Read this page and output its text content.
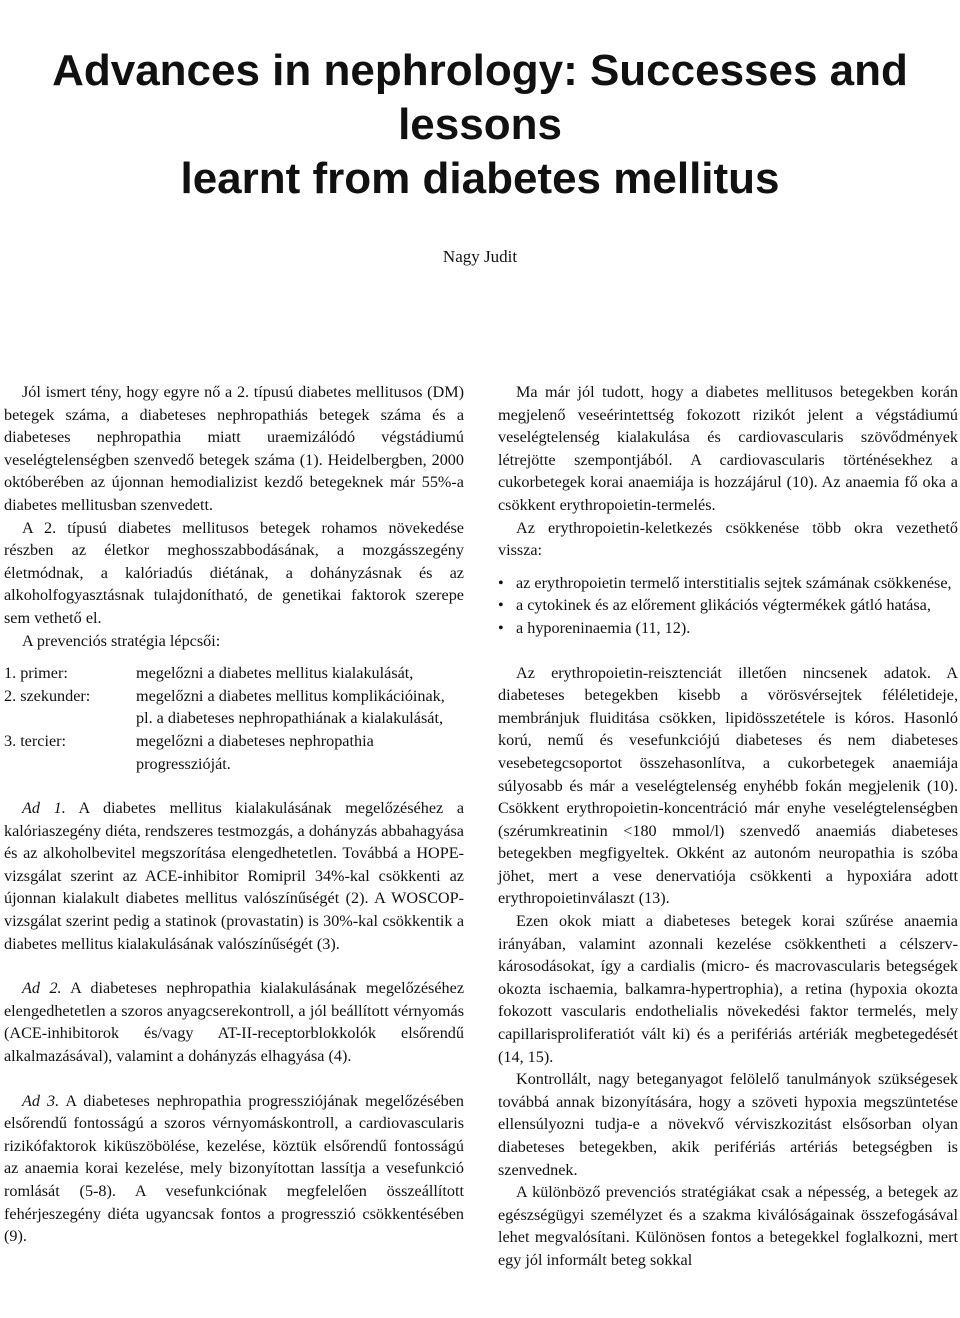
Advances in nephrology: Successes and lessons
learnt from diabetes mellitus
Nagy Judit

Jól ismert tény, hogy egyre nő a 2. típusú diabetes mellitusos (DM) betegek száma, a diabeteses nephropathiás betegek száma és a diabeteses nephropathia miatt uraemizálódó végstádiumú veselégtelenségben szenvedő betegek száma (1). Heidelbergben, 2000 októberében az újonnan hemodializist kezdő betegeknek már 55%-a diabetes mellitusban szenvedett.

A 2. típusú diabetes mellitusos betegek rohamos növekedése részben az életkor meghosszabbodásának, a mozgásszegény életmódnak, a kalóriadús diétának, a dohányzásnak és az alkoholfogyasztásnak tulajdonítható, de genetikai faktorok szerepe sem vethető el.

A prevenciós stratégia lépcsői:

1. primer:	megelőzni a diabetes mellitus kialakulását,
2. szekunder:	megelőzni a diabetes mellitus komplikációinak, pl. a diabeteses nephropathiának a kialakulását,
3. tercier:	megelőzni a diabeteses nephropathia progresszióját.

Ad 1. A diabetes mellitus kialakulásának megelőzéséhez a kalóriaszegény diéta, rendszeres testmozgás, a dohányzás abbahagyása és az alkoholbevitel megszorítása elengedhetetlen. Továbbá a HOPE-vizsgálat szerint az ACE-inhibitor Romipril 34%-kal csökkenti az újonnan kialakult diabetes mellitus valószínűségét (2). A WOSCOP-vizsgálat szerint pedig a statinok (provastatin) is 30%-kal csökkentik a diabetes mellitus kialakulásának valószínűségét (3).

Ad 2. A diabeteses nephropathia kialakulásának megelőzéséhez elengedhetetlen a szoros anyagcserekontroll, a jól beállított vérnyomás (ACE-inhibitorok és/vagy AT-II-receptorblokkolók elsőrendű alkalmazásával), valamint a dohányzás elhagyása (4).

Ad 3. A diabeteses nephropathia progressziójának megelőzésében elsőrendű fontosságú a szoros vérnyomáskontroll, a cardiovascularis rizikófaktorok kiküszöbölése, kezelése, köztük elsőrendű fontosságú az anaemia korai kezelése, mely bizonyítottan lassítja a vesefunkció romlását (5-8). A vesefunkciónak megfelelően összeállított fehérjeszegény diéta ugyancsak fontos a progresszió csökkentésében (9).

Ma már jól tudott, hogy a diabetes mellitusos betegekben korán megjelenő veseérintettség fokozott rizikót jelent a végstádiumú veselégtelenség kialakulása és cardiovascularis szövődmények létrejötte szempontjából. A cardiovascularis történésekhez a cukorbetegek korai anaemiája is hozzájárul (10). Az anaemia fő oka a csökkent erythropoietin-termelés.

Az erythropoietin-keletkezés csökkenése több okra vezethető vissza:

• az erythropoietin termelő interstitialis sejtek számának csökkenése,
• a cytokinek és az előrement glikációs végtermékek gátló hatása,
• a hyporeninaemia (11, 12).

Az erythropoietin-reisztenciát illetően nincsenek adatok. A diabeteses betegekben kisebb a vörösvérsejtek féléletideje, membránjuk fluiditása csökken, lipidösszetétele is kóros. Hasonló korú, nemű és vesefunkciójú diabeteses és nem diabeteses vesebetegcsoportot összehasonlítva, a cukorbetegek anaemiája súlyosabb és már a veselégtelenség enyhébb fokán megjelenik (10). Csökkent erythropoietin-koncentráció már enyhe veselégtelenségben (szérumkreatinin <180 mmol/l) szenvedő anaemiás diabeteses betegekben megfigyeltek. Okként az autonóm neuropathia is szóba jöhet, mert a vese denervatiója csökkenti a hypoxiára adott erythropoietinválaszt (13).

Ezen okok miatt a diabeteses betegek korai szűrése anaemia irányában, valamint azonnali kezelése csökkentheti a célszerv-károsodásokat, így a cardialis (micro- és macrovascularis betegségek okozta ischaemia, balkamra-hypertrophia), a retina (hypoxia okozta fokozott vascularis endothelialis növekedési faktor termelés, mely capillarisproliferatiót vált ki) és a perifériás artériák megbetegedését (14, 15).

Kontrollált, nagy beteganyagot felölelő tanulmányok szükségesek továbbá annak bizonyítására, hogy a szöveti hypoxia megszüntetése ellensúlyozni tudja-e a növekvő vérviszkozitást elsősorban olyan diabeteses betegekben, akik perifériás artériás betegségben is szenvednek.

A különböző prevenciós stratégiákat csak a népesség, a betegek az egészségügyi személyzet és a szakma kiválóságainak összefogásával lehet megvalósítani. Különösen fontos a betegekkel foglalkozni, mert egy jól informált beteg sokkal
